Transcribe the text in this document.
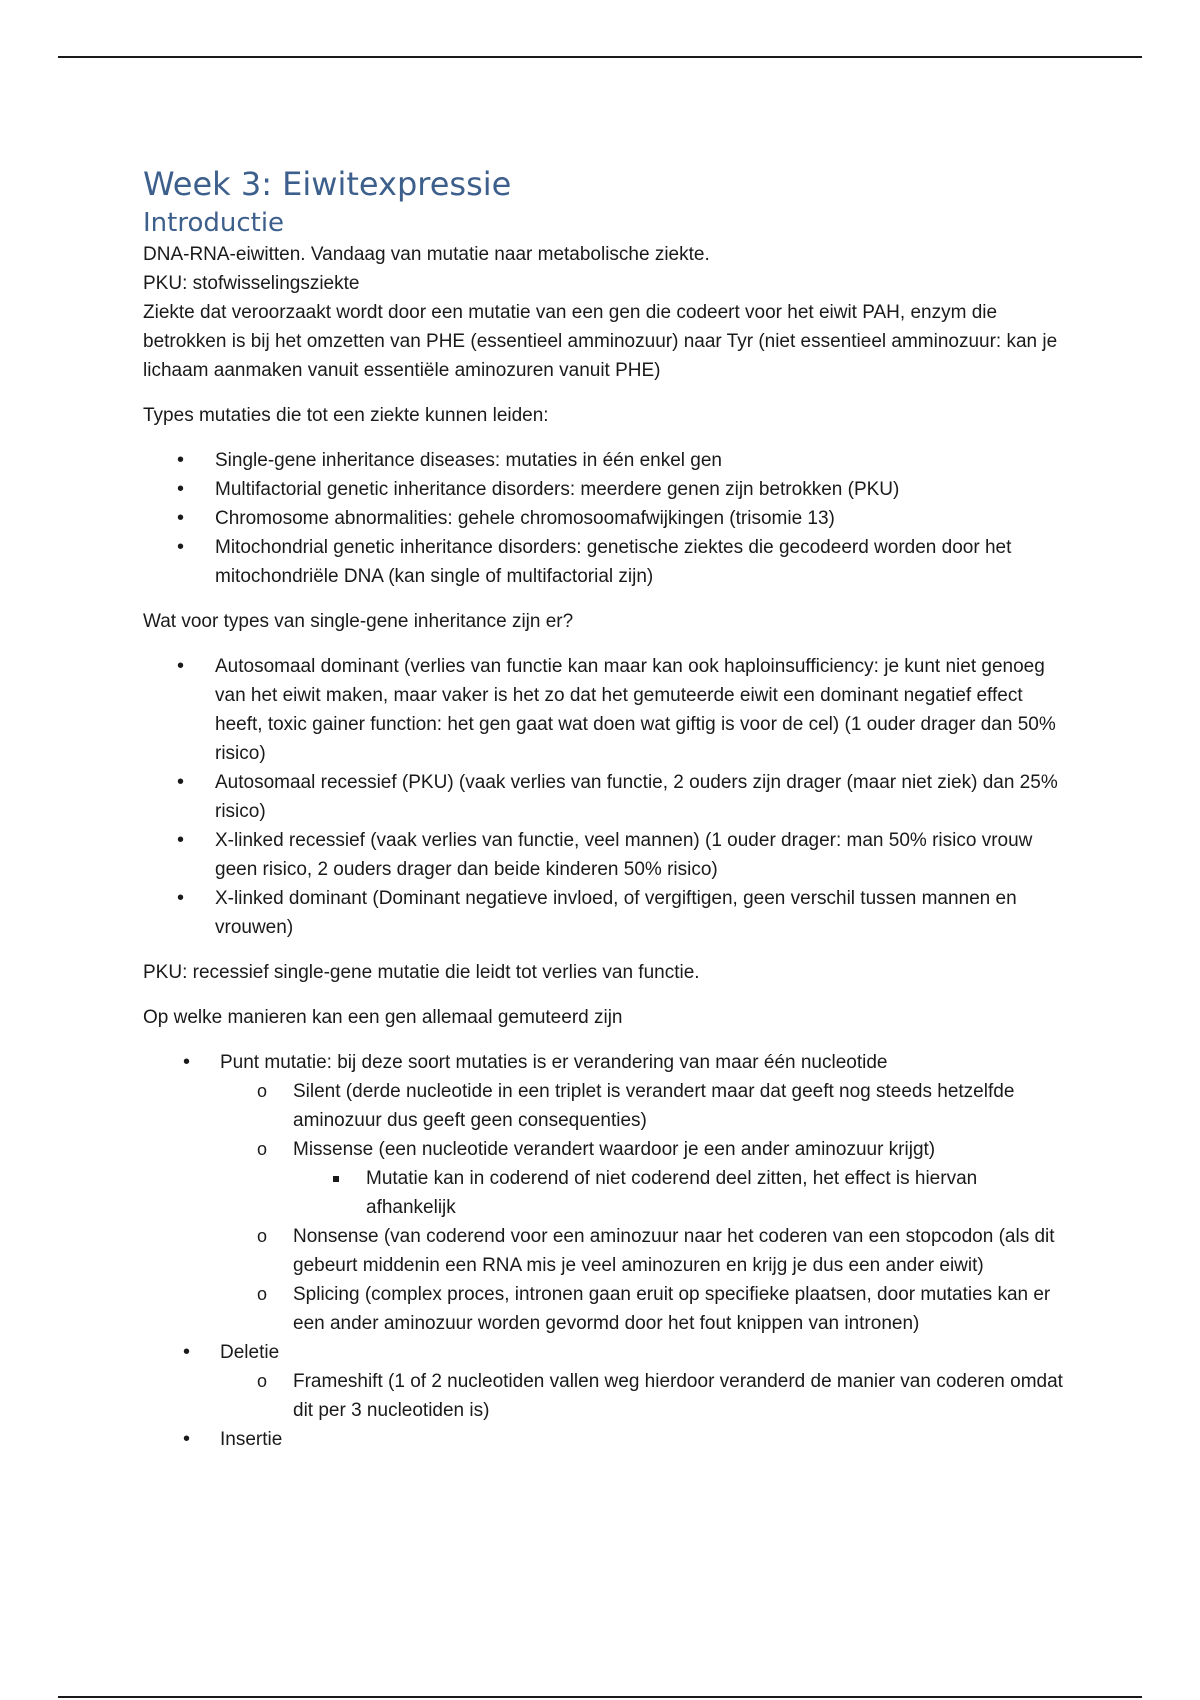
Week 3: Eiwitexpressie
Introductie

DNA-RNA-eiwitten. Vandaag van mutatie naar metabolische ziekte.

PKU: stofwisselingsziekte

Ziekte dat veroorzaakt wordt door een mutatie van een gen die codeert voor het eiwit PAH, enzym die betrokken is bij het omzetten van PHE (essentieel amminozuur) naar Tyr (niet essentieel amminozuur: kan je lichaam aanmaken vanuit essentiële aminozuren vanuit PHE)

Types mutaties die tot een ziekte kunnen leiden:

• Single-gene inheritance diseases: mutaties in één enkel gen
• Multifactorial genetic inheritance disorders: meerdere genen zijn betrokken (PKU)
• Chromosome abnormalities: gehele chromosoomafwijkingen (trisomie 13)
• Mitochondrial genetic inheritance disorders: genetische ziektes die gecodeerd worden door het mitochondriële DNA (kan single of multifactorial zijn)

Wat voor types van single-gene inheritance zijn er?

• Autosomaal dominant (verlies van functie kan maar kan ook haploinsufficiency: je kunt niet genoeg van het eiwit maken, maar vaker is het zo dat het gemuteerde eiwit een dominant negatief effect heeft, toxic gainer function: het gen gaat wat doen wat giftig is voor de cel) (1 ouder drager dan 50% risico)
• Autosomaal recessief (PKU) (vaak verlies van functie, 2 ouders zijn drager (maar niet ziek) dan 25% risico)
• X-linked recessief (vaak verlies van functie, veel mannen) (1 ouder drager: man 50% risico vrouw geen risico, 2 ouders drager dan beide kinderen 50% risico)
• X-linked dominant (Dominant negatieve invloed, of vergiftigen, geen verschil tussen mannen en vrouwen)

PKU: recessief single-gene mutatie die leidt tot verlies van functie.

Op welke manieren kan een gen allemaal gemuteerd zijn

• Punt mutatie: bij deze soort mutaties is er verandering van maar één nucleotide
o Silent (derde nucleotide in een triplet is verandert maar dat geeft nog steeds hetzelfde aminozuur dus geeft geen consequenties)
o Missense (een nucleotide verandert waardoor je een ander aminozuur krijgt)
Mutatie kan in coderend of niet coderend deel zitten, het effect is hiervan afhankelijk
o Nonsense (van coderend voor een aminozuur naar het coderen van een stopcodon (als dit gebeurt middenin een RNA mis je veel aminozuren en krijg je dus een ander eiwit)
o Splicing (complex proces, intronen gaan eruit op specifieke plaatsen, door mutaties kan er een ander aminozuur worden gevormd door het fout knippen van intronen)
• Deletie
o Frameshift (1 of 2 nucleotiden vallen weg hierdoor veranderd de manier van coderen omdat dit per 3 nucleotiden is)
• Insertie
